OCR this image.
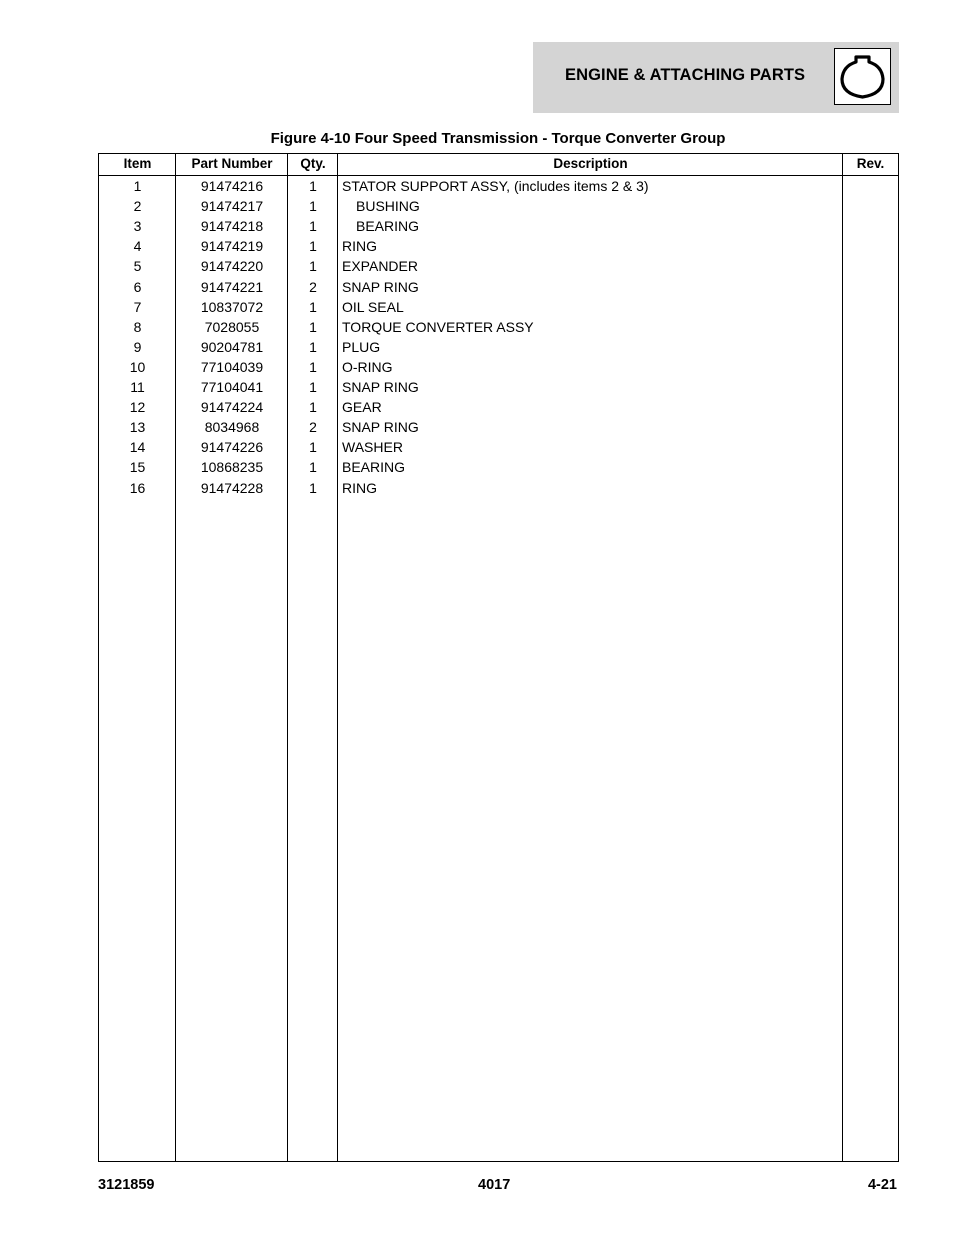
ENGINE & ATTACHING PARTS
Figure 4-10 Four Speed Transmission - Torque Converter Group
Item	Part Number	Qty.	Description	Rev.
1	91474216	1	STATOR SUPPORT ASSY, (includes items 2 & 3)
2	91474217	1	BUSHING
3	91474218	1	BEARING
4	91474219	1	RING
5	91474220	1	EXPANDER
6	91474221	2	SNAP RING
7	10837072	1	OIL SEAL
8	7028055	1	TORQUE CONVERTER ASSY
9	90204781	1	PLUG
10	77104039	1	O-RING
11	77104041	1	SNAP RING
12	91474224	1	GEAR
13	8034968	2	SNAP RING
14	91474226	1	WASHER
15	10868235	1	BEARING
16	91474228	1	RING
3121859	4017	4-21
